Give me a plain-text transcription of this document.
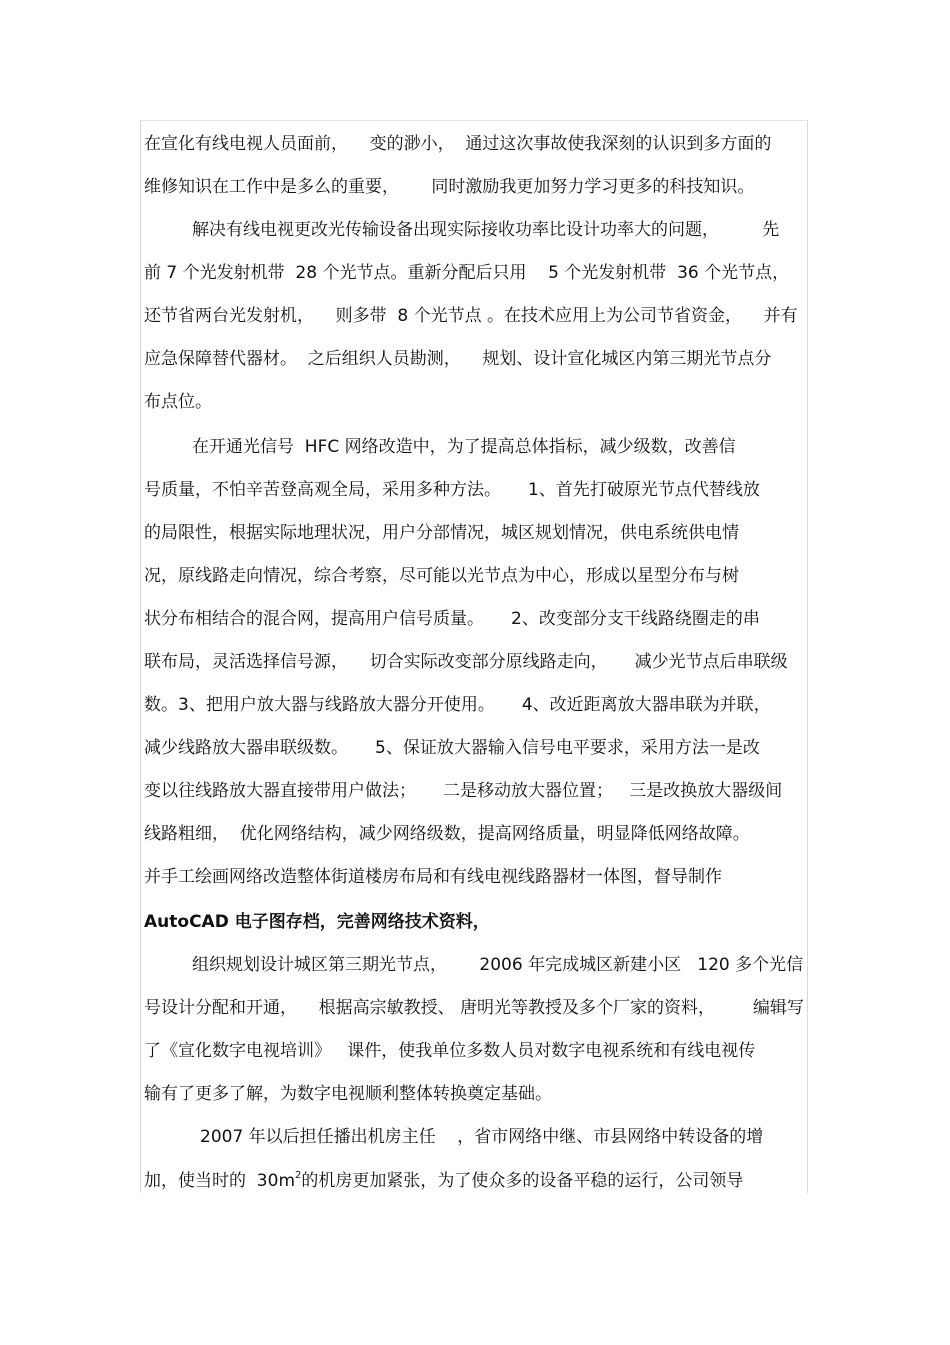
在宣化有线电视人员面前，    变的渺小，  通过这次事故使我深刻的认识到多方面的
维修知识在工作中是多么的重要，      同时激励我更加努力学习更多的科技知识。
解决有线电视更改光传输设备出现实际接收功率比设计功率大的问题，        先
前 7 个光发射机带  28 个光节点。重新分配后只用    5 个光发射机带  36 个光节点，
还节省两台光发射机，    则多带  8 个光节点 。在技术应用上为公司节省资金，    并有
应急保障替代器材。  之后组织人员勘测，    规划、设计宣化城区内第三期光节点分
布点位。
在开通光信号  HFC 网络改造中，为了提高总体指标，减少级数，改善信
号质量，不怕辛苦登高观全局，采用多种方法。     1、首先打破原光节点代替线放
的局限性，根据实际地理状况，用户分部情况，城区规划情况，供电系统供电情
况，原线路走向情况，综合考察，尽可能以光节点为中心，形成以星型分布与树
状分布相结合的混合网，提高用户信号质量。     2、改变部分支干线路绕圈走的串
联布局，灵活选择信号源，    切合实际改变部分原线路走向，     减少光节点后串联级
数。3、把用户放大器与线路放大器分开使用。     4、改近距离放大器串联为并联，
减少线路放大器串联级数。     5、保证放大器输入信号电平要求，采用方法一是改
变以往线路放大器直接带用户做法；     二是移动放大器位置；   三是改换放大器级间
线路粗细，  优化网络结构，减少网络级数，提高网络质量，明显降低网络故障。
并手工绘画网络改造整体街道楼房布局和有线电视线路器材一体图，督导制作
AutoCAD 电子图存档，完善网络技术资料，
组织规划设计城区第三期光节点，      2006 年完成城区新建小区   120 多个光信
号设计分配和开通，    根据高宗敏教授、 唐明光等教授及多个厂家的资料，       编辑写
了《宣化数字电视培训》   课件，使我单位多数人员对数字电视系统和有线电视传
输有了更多了解，为数字电视顺利整体转换奠定基础。
2007 年以后担任播出机房主任    ，省市网络中继、市县网络中转设备的增
加，使当时的  $30m^2$的机房更加紧张，为了使众多的设备平稳的运行，公司领导
